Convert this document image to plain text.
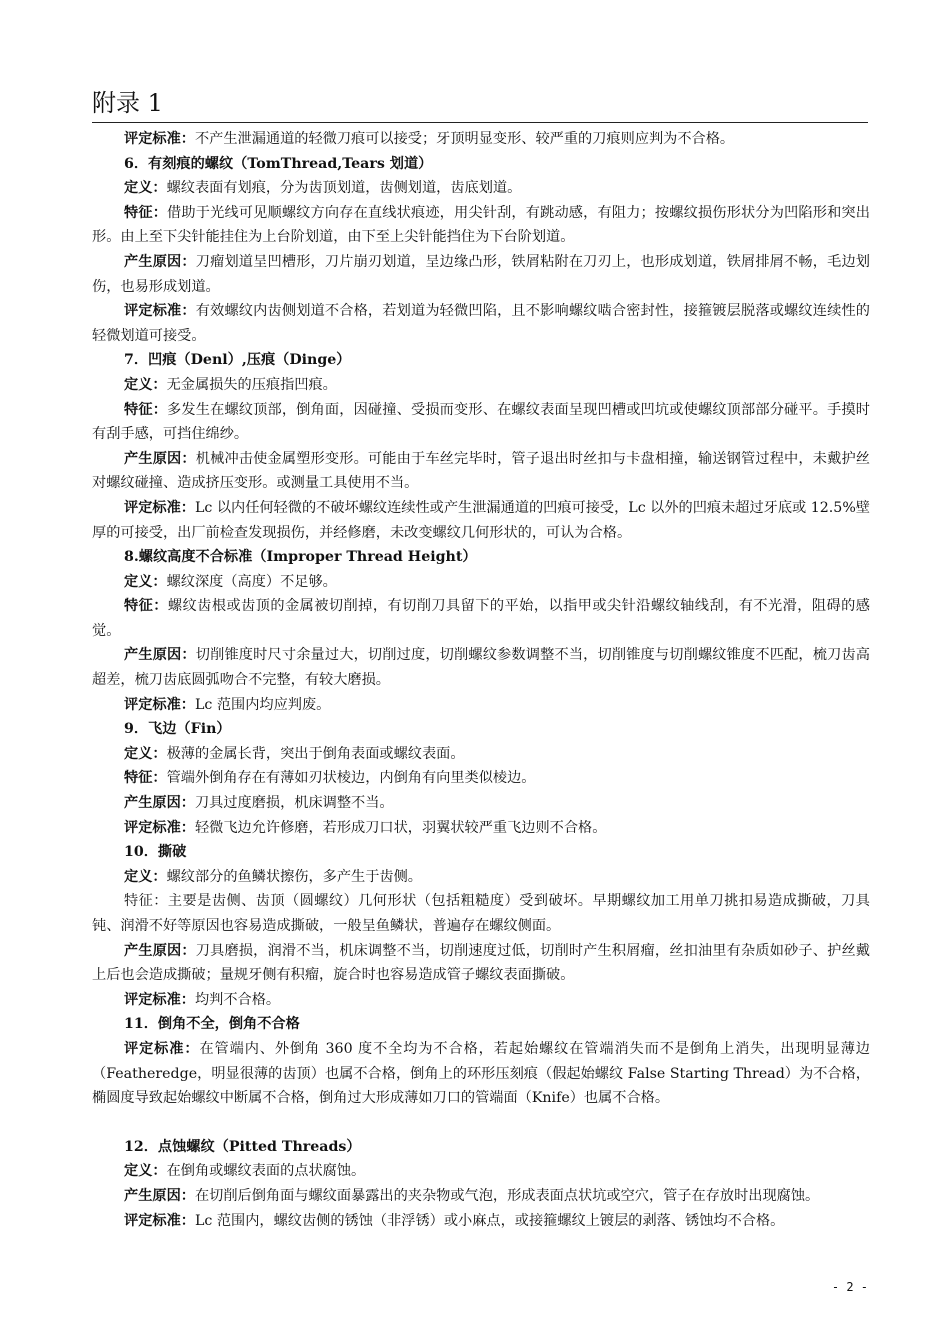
附录 1

评定标准：不产生泄漏通道的轻微刀痕可以接受；牙顶明显变形、较严重的刀痕则应判为不合格。

6．有刻痕的螺纹（TomThread,Tears 划道）

定义：螺纹表面有划痕，分为齿顶划道，齿侧划道，齿底划道。

特征：借助于光线可见顺螺纹方向存在直线状痕迹，用尖针刮，有跳动感，有阻力；按螺纹损伤形状分为凹陷形和突出形。由上至下尖针能挂住为上台阶划道，由下至上尖针能挡住为下台阶划道。

产生原因：刀瘤划道呈凹槽形，刀片崩刃划道，呈边缘凸形，铁屑粘附在刀刃上，也形成划道，铁屑排屑不畅，毛边划伤，也易形成划道。

评定标准：有效螺纹内齿侧划道不合格，若划道为轻微凹陷，且不影响螺纹啮合密封性，接箍镀层脱落或螺纹连续性的轻微划道可接受。

7．凹痕（Denl）,压痕（Dinge）

定义：无金属损失的压痕指凹痕。

特征：多发生在螺纹顶部，倒角面，因碰撞、受损而变形、在螺纹表面呈现凹槽或凹坑或使螺纹顶部部分碰平。手摸时有刮手感，可挡住绵纱。

产生原因：机械冲击使金属塑形变形。可能由于车丝完毕时，管子退出时丝扣与卡盘相撞，输送钢管过程中，未戴护丝对螺纹碰撞、造成挤压变形。或测量工具使用不当。

评定标准：Lc 以内任何轻微的不破坏螺纹连续性或产生泄漏通道的凹痕可接受，Lc 以外的凹痕未超过牙底或 12.5%壁厚的可接受，出厂前检查发现损伤，并经修磨，未改变螺纹几何形状的，可认为合格。

8.螺纹高度不合标准（Improper Thread Height）

定义：螺纹深度（高度）不足够。

特征：螺纹齿根或齿顶的金属被切削掉，有切削刀具留下的平始，以指甲或尖针沿螺纹轴线刮，有不光滑，阻碍的感觉。

产生原因：切削锥度时尺寸余量过大，切削过度，切削螺纹参数调整不当，切削锥度与切削螺纹锥度不匹配，梳刀齿高超差，梳刀齿底圆弧吻合不完整，有较大磨损。

评定标准：Lc 范围内均应判废。

9．飞边（Fin）

定义：极薄的金属长背，突出于倒角表面或螺纹表面。

特征：管端外倒角存在有薄如刃状棱边，内倒角有向里类似棱边。

产生原因：刀具过度磨损，机床调整不当。

评定标准：轻微飞边允许修磨，若形成刀口状，羽翼状较严重飞边则不合格。

10．撕破

定义：螺纹部分的鱼鳞状擦伤，多产生于齿侧。

特征：主要是齿侧、齿顶（圆螺纹）几何形状（包括粗糙度）受到破坏。早期螺纹加工用单刀挑扣易造成撕破，刀具钝、润滑不好等原因也容易造成撕破，一般呈鱼鳞状，普遍存在螺纹侧面。

产生原因：刀具磨损，润滑不当，机床调整不当，切削速度过低，切削时产生积屑瘤，丝扣油里有杂质如砂子、护丝戴上后也会造成撕破；量规牙侧有积瘤，旋合时也容易造成管子螺纹表面撕破。

评定标准：均判不合格。

11．倒角不全，倒角不合格

评定标准：在管端内、外倒角 360 度不全均为不合格，若起始螺纹在管端消失而不是倒角上消失，出现明显薄边（Featheredge，明显很薄的齿顶）也属不合格，倒角上的环形压刻痕（假起始螺纹 False Starting Thread）为不合格，椭圆度导致起始螺纹中断属不合格，倒角过大形成薄如刀口的管端面（Knife）也属不合格。

12．点蚀螺纹（Pitted Threads）

定义：在倒角或螺纹表面的点状腐蚀。

产生原因：在切削后倒角面与螺纹面暴露出的夹杂物或气泡，形成表面点状坑或空穴，管子在存放时出现腐蚀。

评定标准：Lc 范围内，螺纹齿侧的锈蚀（非浮锈）或小麻点，或接箍螺纹上镀层的剥落、锈蚀均不合格。

- 2 -
